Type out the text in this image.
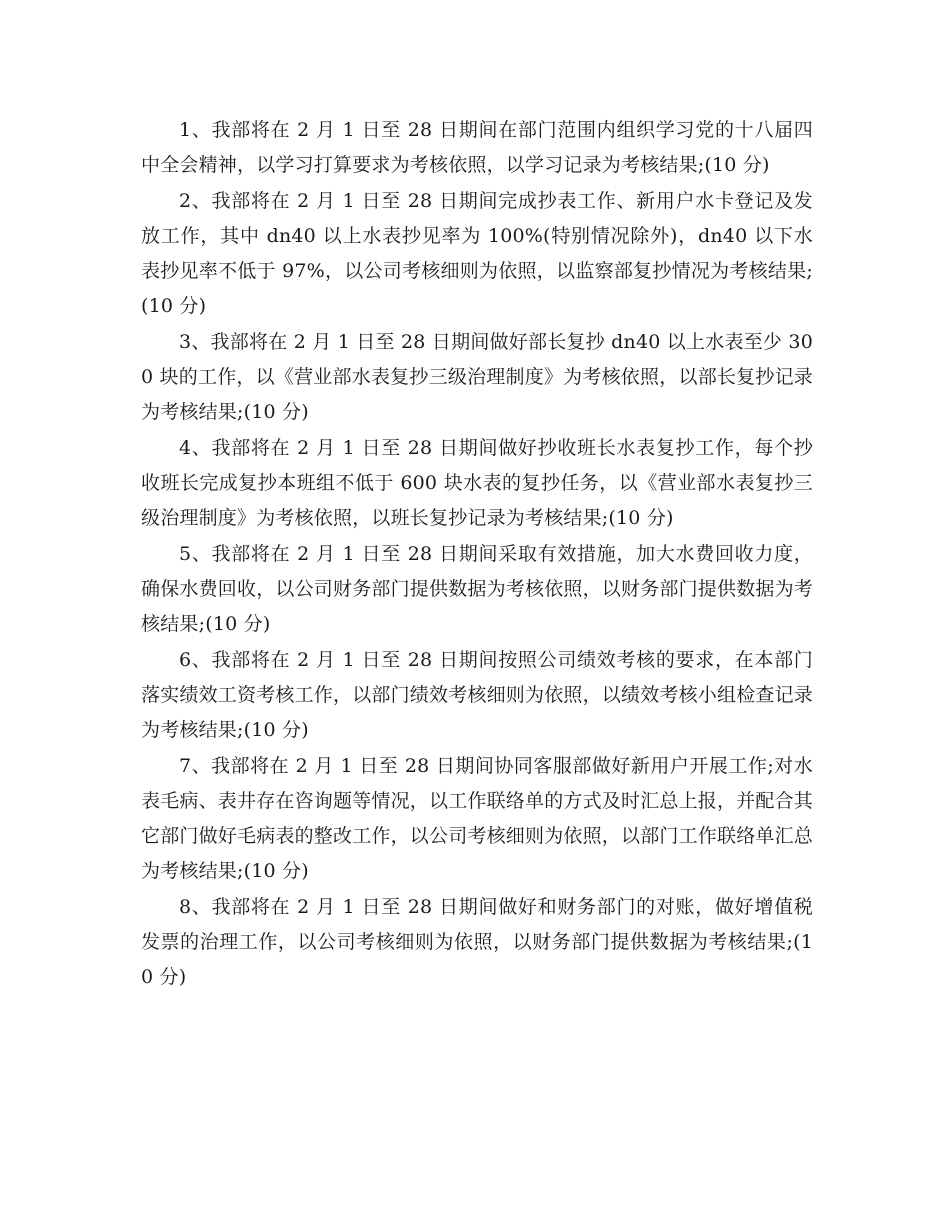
1、我部将在 2 月 1 日至 28 日期间在部门范围内组织学习党的十八届四中全会精神，以学习打算要求为考核依照，以学习记录为考核结果;(10 分)

2、我部将在 2 月 1 日至 28 日期间完成抄表工作、新用户水卡登记及发放工作，其中 dn40 以上水表抄见率为 100%(特别情况除外)，dn40 以下水表抄见率不低于 97%，以公司考核细则为依照，以监察部复抄情况为考核结果;(10 分)

3、我部将在 2 月 1 日至 28 日期间做好部长复抄 dn40 以上水表至少 300 块的工作，以《营业部水表复抄三级治理制度》为考核依照，以部长复抄记录为考核结果;(10 分)

4、我部将在 2 月 1 日至 28 日期间做好抄收班长水表复抄工作，每个抄收班长完成复抄本班组不低于 600 块水表的复抄任务，以《营业部水表复抄三级治理制度》为考核依照，以班长复抄记录为考核结果;(10 分)

5、我部将在 2 月 1 日至 28 日期间采取有效措施，加大水费回收力度，确保水费回收，以公司财务部门提供数据为考核依照，以财务部门提供数据为考核结果;(10 分)

6、我部将在 2 月 1 日至 28 日期间按照公司绩效考核的要求，在本部门落实绩效工资考核工作，以部门绩效考核细则为依照，以绩效考核小组检查记录为考核结果;(10 分)

7、我部将在 2 月 1 日至 28 日期间协同客服部做好新用户开展工作;对水表毛病、表井存在咨询题等情况，以工作联络单的方式及时汇总上报，并配合其它部门做好毛病表的整改工作，以公司考核细则为依照，以部门工作联络单汇总为考核结果;(10 分)

8、我部将在 2 月 1 日至 28 日期间做好和财务部门的对账，做好增值税发票的治理工作，以公司考核细则为依照，以财务部门提供数据为考核结果;(10 分)
